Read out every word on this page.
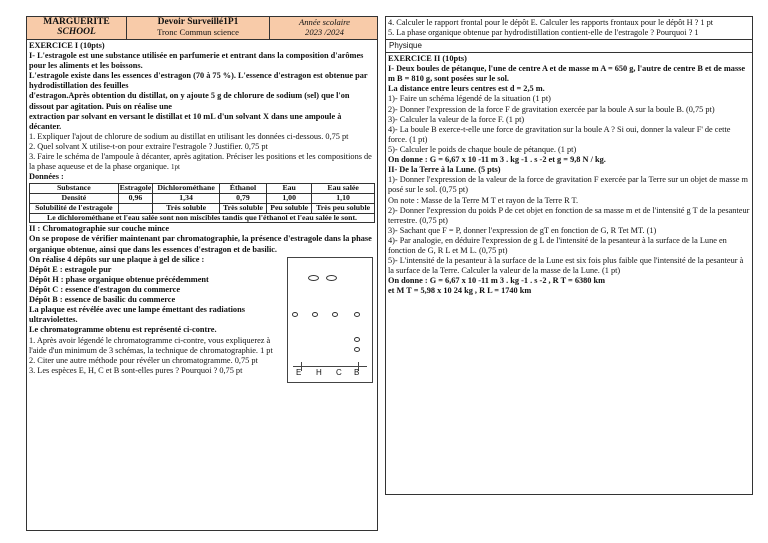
MARGUERITE
SCHOOL
Devoir Surveillé1P1
Tronc Commun science
Année scolaire
2023 /2024

EXERCICE I (10pts)

I- L'estragole est une substance utilisée en parfumerie et entrant dans la composition d'arômes pour les aliments et les boissons.

L'estragole existe dans les essences d'estragon (70 à 75 %). L'essence d'estragon est obtenue par hydrodistillation des feuilles

d'estragon.Après obtention du distillat, on y ajoute 5 g de chlorure de sodium (sel) que l'on dissout par agitation. Puis on réalise une

extraction par solvant en versant le distillat et 10 mL d'un solvant X dans une ampoule à décanter.

1. Expliquer l'ajout de chlorure de sodium au distillat en utilisant les données ci-dessous. 0,75 pt

2. Quel solvant X utilise-t-on pour extraire l'estragole ? Justifier. 0,75 pt

3. Faire le schéma de l'ampoule à décanter, après agitation. Préciser les positions et les compositions de la phase aqueuse et de la phase organique. 1pt

Données :

Substance	Estragole	Dichlorométhane	Éthanol	Eau	Eau salée
Densité	0,96	1,34	0,79	1,00	1,10
Solubilité de l'estragole		Très soluble	Très soluble	Peu soluble	Très peu soluble
Le dichlorométhane et l'eau salée sont non miscibles tandis que l'éthanol et l'eau salée le sont.					

II : Chromatographie sur couche mince

On se propose de vérifier maintenant par chromatographie, la présence d'estragole dans la phase organique obtenue, ainsi que dans les essences d'estragon et de basilic.

On réalise 4 dépôts sur une plaque à gel de silice :

Dépôt E : estragole pur

Dépôt H : phase organique obtenue précédemment

Dépôt C : essence d'estragon du commerce

Dépôt B : essence de basilic du commerce

La plaque est révélée avec une lampe émettant des radiations ultraviolettes.

Le chromatogramme obtenu est représenté ci-contre.

1. Après avoir légendé le chromatogramme ci-contre, vous expliquerez à l'aide d'un minimum de 3 schémas, la technique de chromatographie. 1 pt

2. Citer une autre méthode pour révéler un chromatogramme. 0,75 pt

E H C B

3. Les espèces E, H, C et B sont-elles pures ? Pourquoi ? 0,75 pt

4. Calculer le rapport frontal pour le dépôt E. Calculer les rapports frontaux pour le dépôt H ? 1 pt

5. La phase organique obtenue par hydrodistillation contient-elle de l'estragole ? Pourquoi ? 1

Physique

EXERCICE II (10pts)

I- Deux boules de pétanque, l'une de centre A et de masse m A = 650 g, l'autre de centre B et de masse m B = 810 g, sont posées sur le sol.

La distance entre leurs centres est d = 2,5 m.

1)- Faire un schéma légendé de la situation (1 pt)

2)- Donner l'expression de la force F de gravitation exercée par la boule A sur la boule B. (0,75 pt)

3)- Calculer la valeur de la force F. (1 pt)

4)- La boule B exerce-t-elle une force de gravitation sur la boule A ? Si oui, donner la valeur F' de cette force. (1 pt)

5)- Calculer le poids de chaque boule de pétanque. (1 pt)

On donne : G = 6,67 x 10 -11 m 3 . kg -1 . s -2 et g = 9,8 N / kg.

II- De la Terre à la Lune. (5 pts)

1)- Donner l'expression de la valeur de la force de gravitation F exercée par la Terre sur un objet de masse m posé sur le sol. (0,75 pt)

On note : Masse de la Terre M T et rayon de la Terre R T.

2)- Donner l'expression du poids P de cet objet en fonction de sa masse m et de l'intensité g T de la pesanteur terrestre. (0,75 pt)

3)- Sachant que F = P, donner l'expression de gT en fonction de G, R Tet MT. (1)

4)- Par analogie, en déduire l'expression de g L de l'intensité de la pesanteur à la surface de la Lune en fonction de G, R L et M L. (0,75 pt)

5)- L'intensité de la pesanteur à la surface de la Lune est six fois plus faible que l'intensité de la pesanteur à la surface de la Terre. Calculer la valeur de la masse de la Lune. (1 pt)

On donne : G = 6,67 x 10 -11 m 3 . kg -1 . s -2 , R T = 6380 km

et M T = 5,98 x 10 24 kg , R L = 1740 km
